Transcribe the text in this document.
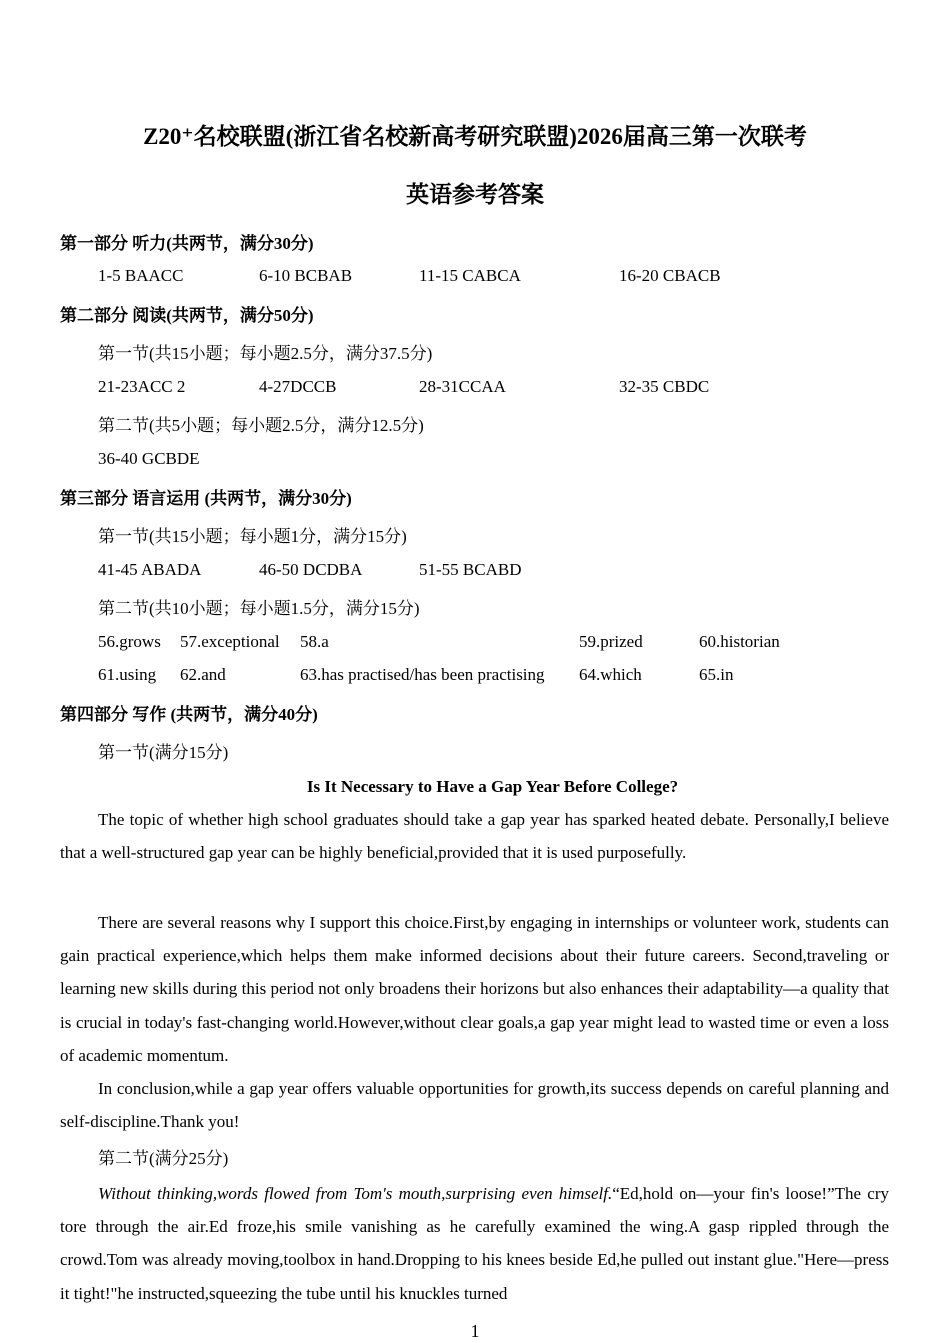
Z20⁺名校联盟(浙江省名校新高考研究联盟)2026届高三第一次联考
英语参考答案
第一部分 听力(共两节，满分30分)
1-5 BAACC	6-10 BCBAB	11-15 CABCA	16-20 CBACB
第二部分 阅读(共两节，满分50分)
第一节(共15小题；每小题2.5分，满分37.5分)
21-23ACC 2	4-27DCCB	28-31CCAA	32-35 CBDC
第二节(共5小题；每小题2.5分，满分12.5分)
36-40 GCBDE
第三部分 语言运用 (共两节，满分30分)
第一节(共15小题；每小题1分，满分15分)
41-45 ABADA	46-50 DCDBA	51-55 BCABD
第二节(共10小题；每小题1.5分，满分15分)
56.grows 57.exceptional 58.a	59.prized	60.historian
61.using 62.and	63.has practised/has been practising 64.which	65.in
第四部分 写作 (共两节，满分40分)
第一节(满分15分)
Is It Necessary to Have a Gap Year Before College?

The topic of whether high school graduates should take a gap year has sparked heated debate. Personally,I believe that a well-structured gap year can be highly beneficial,provided that it is used purposefully.

There are several reasons why I support this choice.First,by engaging in internships or volunteer work, students can gain practical experience,which helps them make informed decisions about their future careers. Second,traveling or learning new skills during this period not only broadens their horizons but also enhances their adaptability—a quality that is crucial in today's fast-changing world.However,without clear goals,a gap year might lead to wasted time or even a loss of academic momentum.

In conclusion,while a gap year offers valuable opportunities for growth,its success depends on careful planning and self-discipline.Thank you!

第二节(满分25分)

Without thinking,words flowed from Tom's mouth,surprising even himself.“Ed,hold on—your fin's loose!”The cry tore through the air.Ed froze,his smile vanishing as he carefully examined the wing.A gasp rippled through the crowd.Tom was already moving,toolbox in hand.Dropping to his knees beside Ed,he pulled out instant glue."Here—press it tight!"he instructed,squeezing the tube until his knuckles turned

1
